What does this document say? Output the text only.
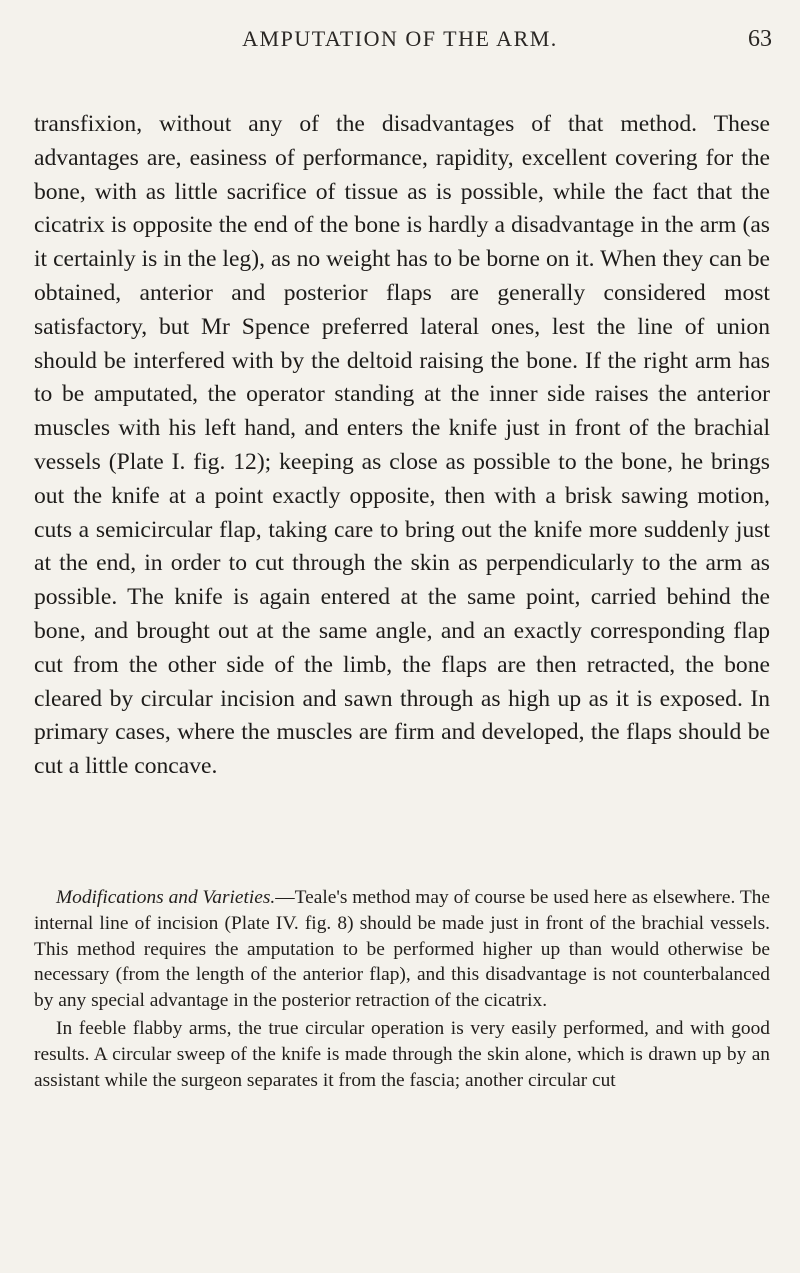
AMPUTATION OF THE ARM.	63

transfixion, without any of the disadvantages of that method. These advantages are, easiness of performance, rapidity, excellent covering for the bone, with as little sacrifice of tissue as is possible, while the fact that the cicatrix is opposite the end of the bone is hardly a disadvantage in the arm (as it certainly is in the leg), as no weight has to be borne on it. When they can be obtained, anterior and posterior flaps are generally considered most satisfactory, but Mr Spence preferred lateral ones, lest the line of union should be interfered with by the deltoid raising the bone. If the right arm has to be amputated, the operator standing at the inner side raises the anterior muscles with his left hand, and enters the knife just in front of the brachial vessels (Plate I. fig. 12); keeping as close as possible to the bone, he brings out the knife at a point exactly opposite, then with a brisk sawing motion, cuts a semicircular flap, taking care to bring out the knife more suddenly just at the end, in order to cut through the skin as perpendicularly to the arm as possible. The knife is again entered at the same point, carried behind the bone, and brought out at the same angle, and an exactly corresponding flap cut from the other side of the limb, the flaps are then retracted, the bone cleared by circular incision and sawn through as high up as it is exposed. In primary cases, where the muscles are firm and developed, the flaps should be cut a little concave.

Modifications and Varieties.—Teale's method may of course be used here as elsewhere. The internal line of incision (Plate IV. fig. 8) should be made just in front of the brachial vessels. This method requires the amputation to be performed higher up than would otherwise be necessary (from the length of the anterior flap), and this disadvantage is not counterbalanced by any special advantage in the posterior retraction of the cicatrix.

In feeble flabby arms, the true circular operation is very easily performed, and with good results. A circular sweep of the knife is made through the skin alone, which is drawn up by an assistant while the surgeon separates it from the fascia; another circular cut
